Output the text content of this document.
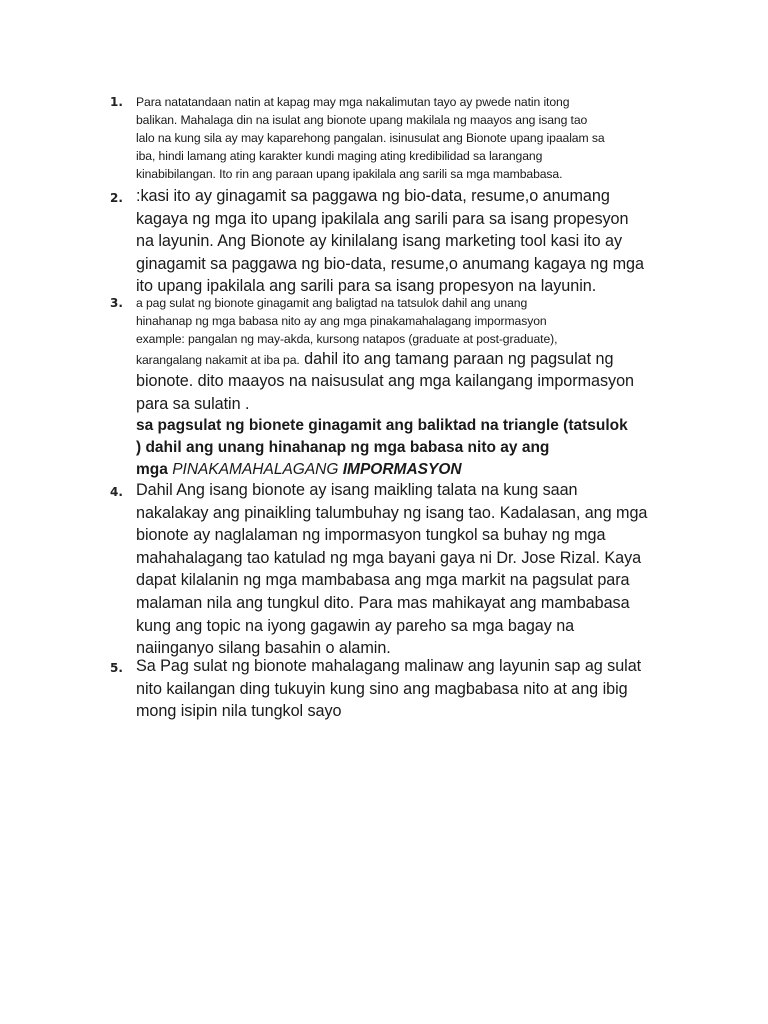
1. Para natatandaan natin at kapag may mga nakalimutan tayo ay pwede natin itong
balikan. Mahalaga din na isulat ang bionote upang makilala ng maayos ang isang tao
lalo na kung sila ay may kaparehong pangalan. isinusulat ang Bionote upang ipaalam sa
iba, hindi lamang ating karakter kundi maging ating kredibilidad sa larangang
kinabibilangan. Ito rin ang paraan upang ipakilala ang sarili sa mga mambabasa.
2. :kasi ito ay ginagamit sa paggawa ng bio-data, resume,o anumang
kagaya ng mga ito upang ipakilala ang sarili para sa isang propesyon
na layunin. Ang Bionote ay kinilalang isang marketing tool kasi ito ay
ginagamit sa paggawa ng bio-data, resume,o anumang kagaya ng mga
ito upang ipakilala ang sarili para sa isang propesyon na layunin.
3. a pag sulat ng bionote ginagamit ang baligtad na tatsulok dahil ang unang
hinahanap ng mga babasa nito ay ang mga pinakamahalagang impormasyon
example: pangalan ng may-akda, kursong natapos (graduate at post-graduate),
karangalang nakamit at iba pa. dahil ito ang tamang paraan ng pagsulat ng
bionote. dito maayos na naisusulat ang mga kailangang impormasyon
para sa sulatin .
sa pagsulat ng bionete ginagamit ang baliktad na triangle (tatsulok
) dahil ang unang hinahanap ng mga babasa nito ay ang
mga PINAKAMAHALAGANG IMPORMASYON
4. Dahil Ang isang bionote ay isang maikling talata na kung saan
nakalakay ang pinaikling talumbuhay ng isang tao. Kadalasan, ang mga
bionote ay naglalaman ng impormasyon tungkol sa buhay ng mga
mahahalagang tao katulad ng mga bayani gaya ni Dr. Jose Rizal. Kaya
dapat kilalanin ng mga mambabasa ang mga markit na pagsulat para
malaman nila ang tungkul dito. Para mas mahikayat ang mambabasa
kung ang topic na iyong gagawin ay pareho sa mga bagay na
naiinganyo silang basahin o alamin.
5. Sa Pag sulat ng bionote mahalagang malinaw ang layunin sap ag sulat
nito kailangan ding tukuyin kung sino ang magbabasa nito at ang ibig
mong isipin nila tungkol sayo
